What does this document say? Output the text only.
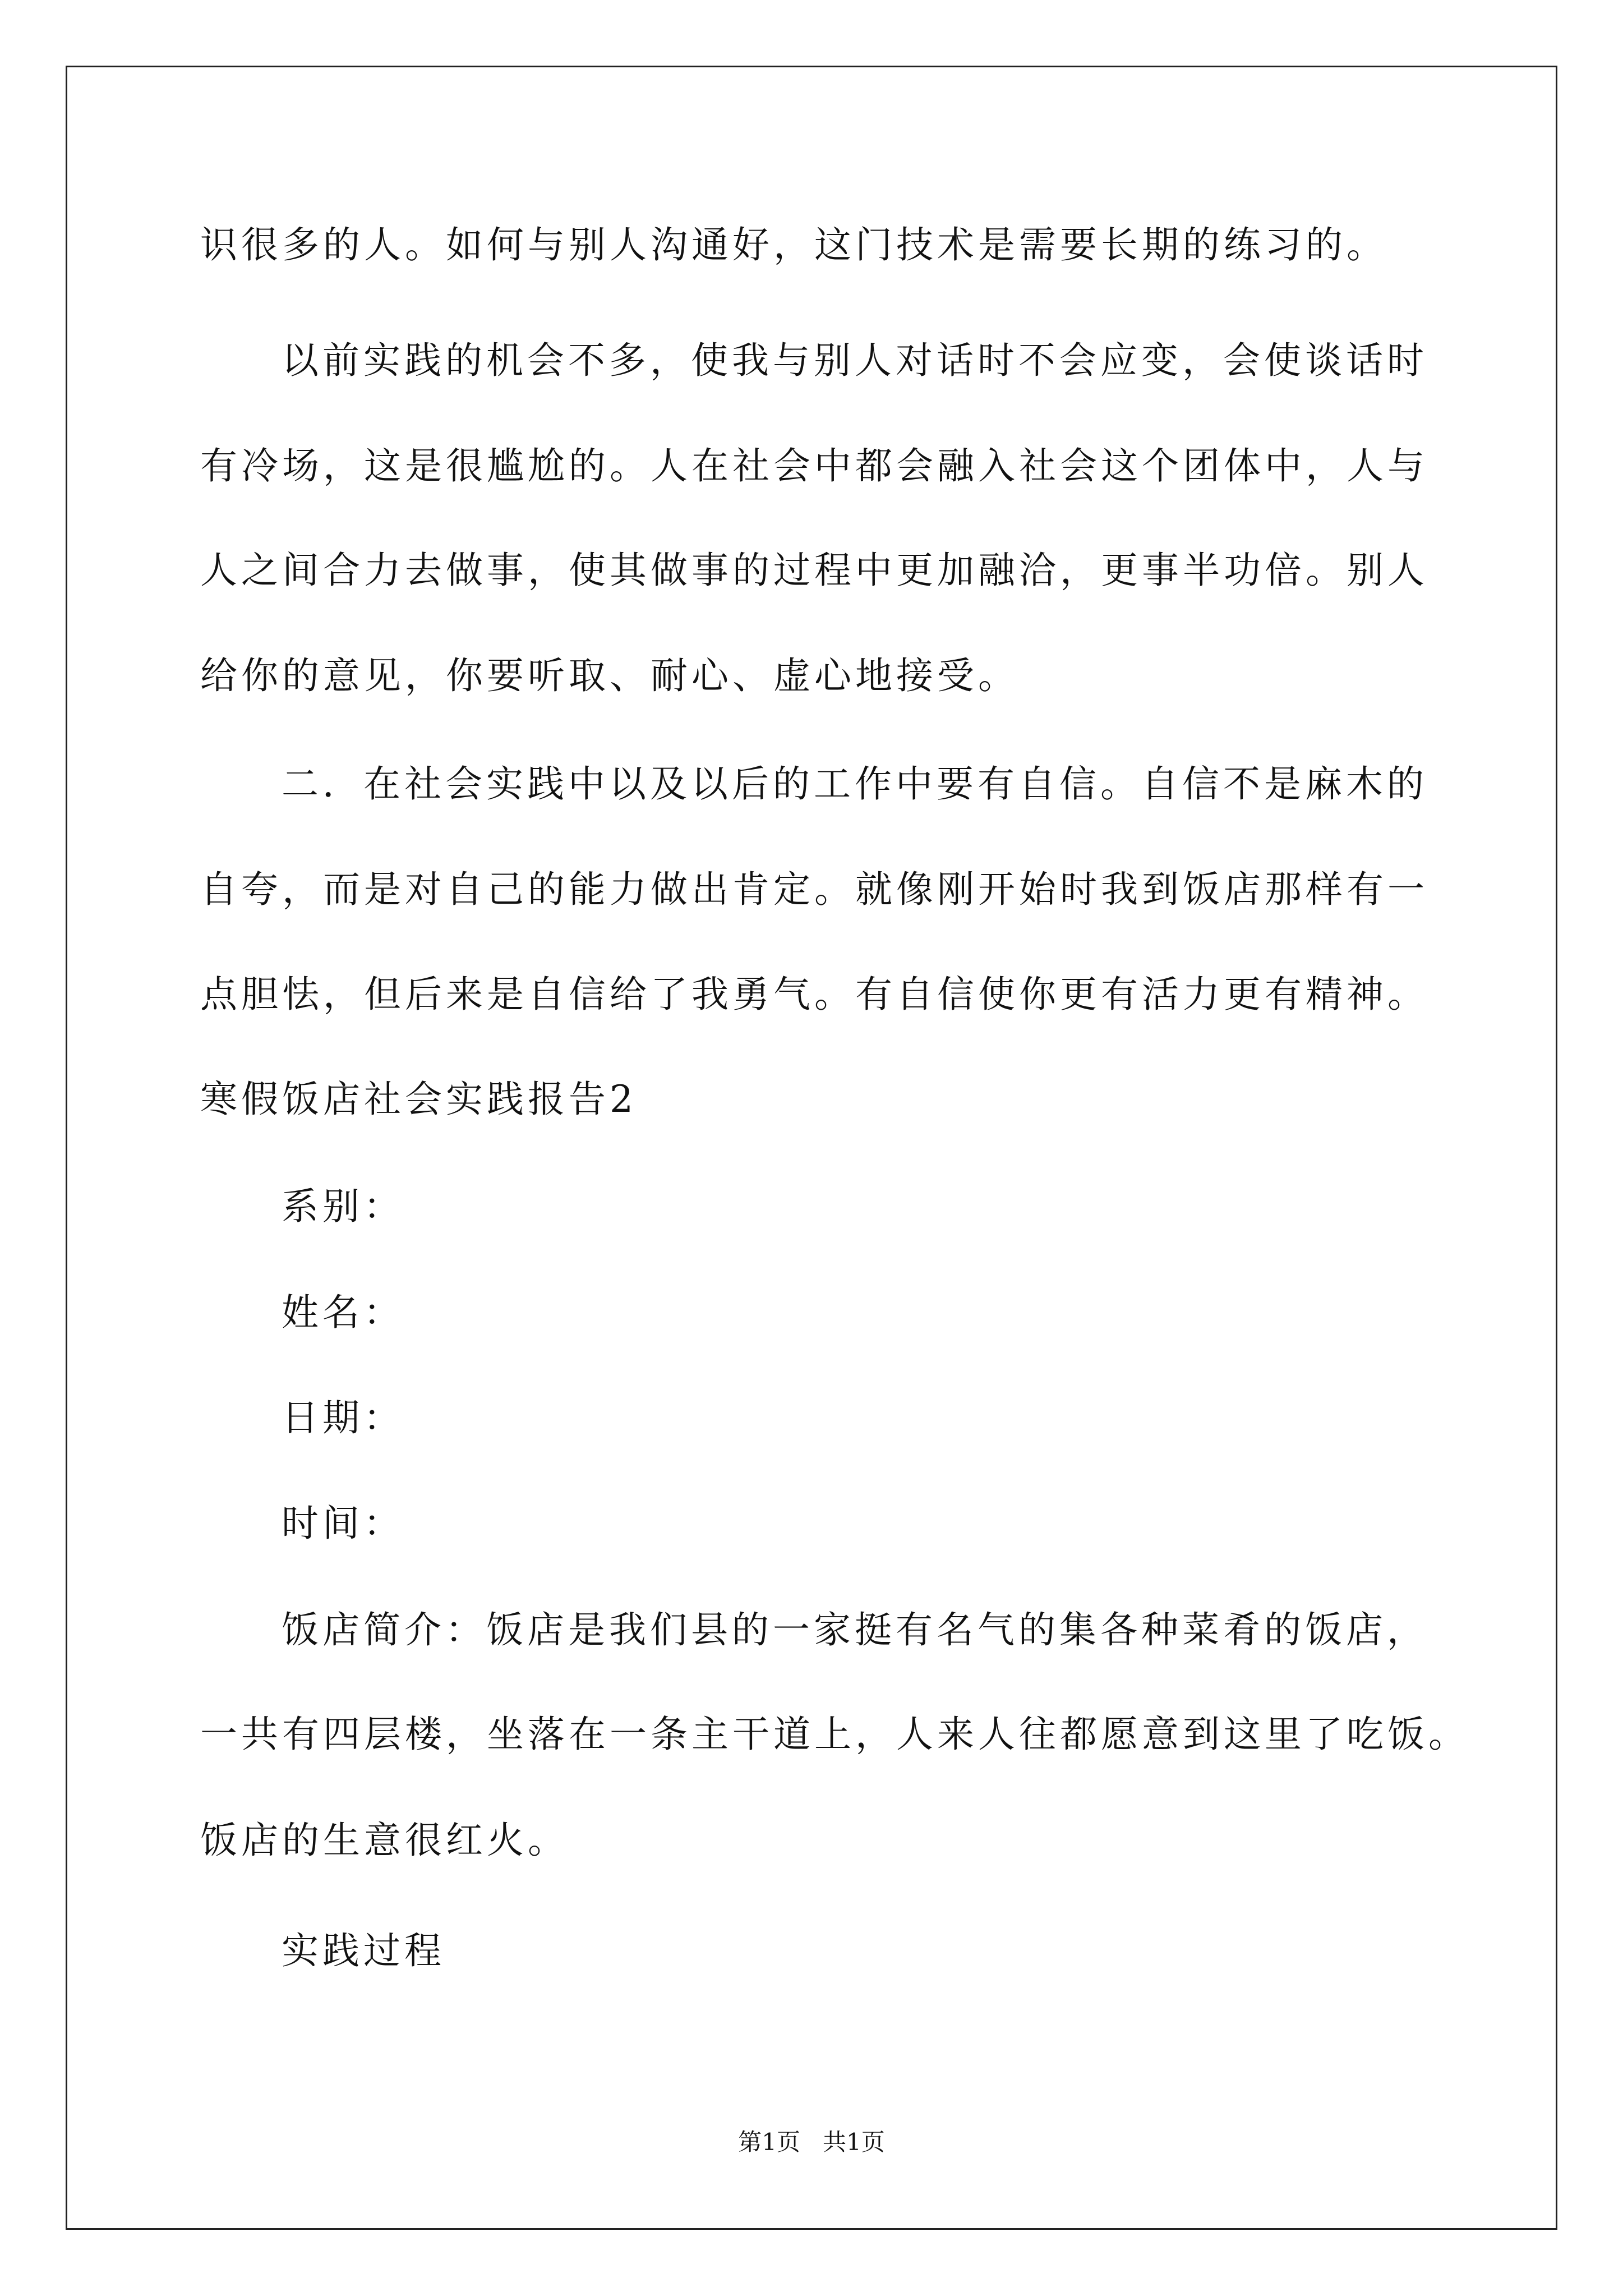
识很多的人。如何与别人沟通好，这门技术是需要长期的练习的。
以前实践的机会不多，使我与别人对话时不会应变，会使谈话时
有冷场，这是很尴尬的。人在社会中都会融入社会这个团体中，人与
人之间合力去做事，使其做事的过程中更加融洽，更事半功倍。别人
给你的意见，你要听取、耐心、虚心地接受。
二．在社会实践中以及以后的工作中要有自信。自信不是麻木的
自夸，而是对自己的能力做出肯定。就像刚开始时我到饭店那样有一
点胆怯，但后来是自信给了我勇气。有自信使你更有活力更有精神。
寒假饭店社会实践报告2
系别：
姓名：
日期：
时间：
饭店简介：饭店是我们县的一家挺有名气的集各种菜肴的饭店，
一共有四层楼，坐落在一条主干道上，人来人往都愿意到这里了吃饭。
饭店的生意很红火。
实践过程
第1页   共1页
